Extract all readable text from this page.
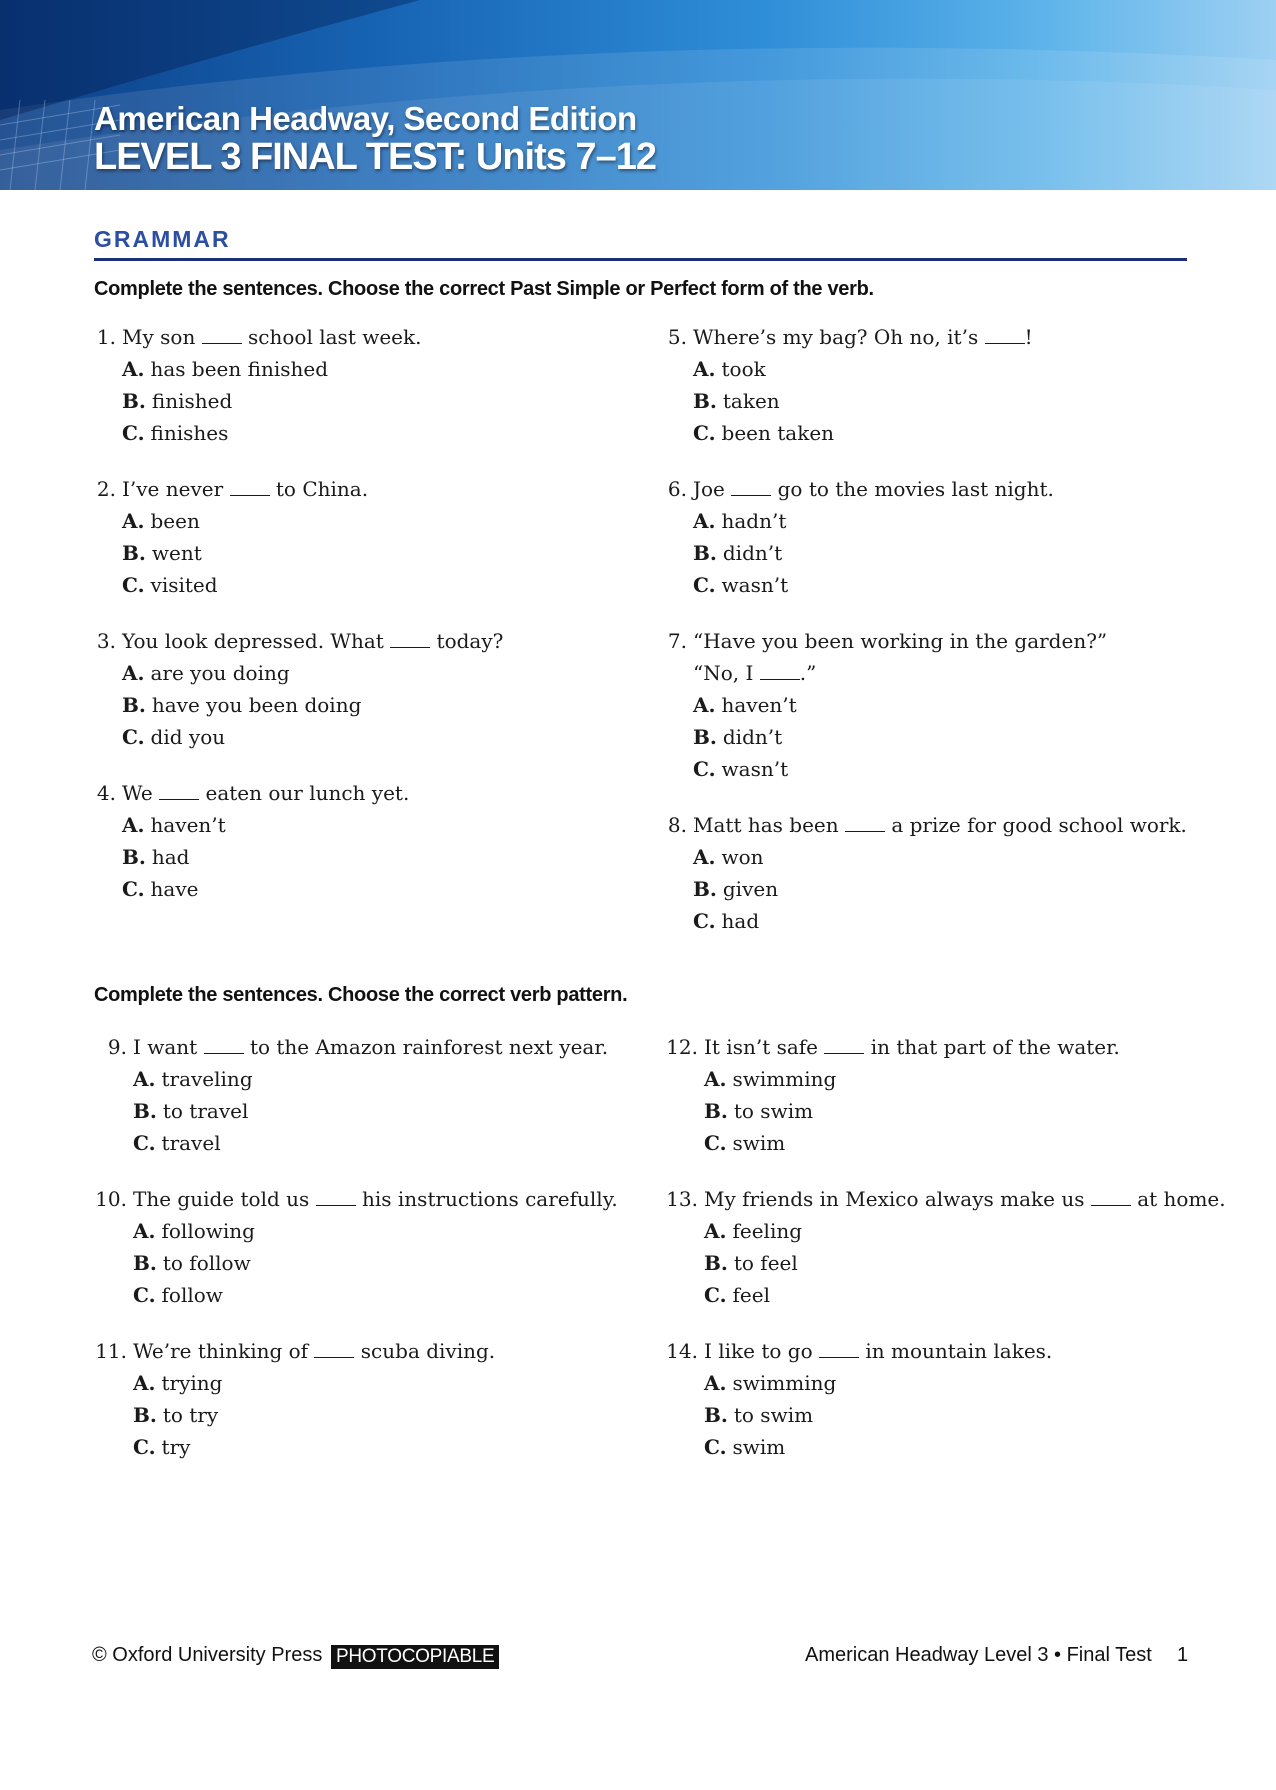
American Headway, Second Edition
LEVEL 3 FINAL TEST: Units 7–12
GRAMMAR

Complete the sentences. Choose the correct Past Simple or Perfect form of the verb.

1. My son	school last week.
A. has been finished
B. finished
C. finishes
2. I’ve never	to China.
A. been
B. went
C. visited
3. You look depressed. What	today?
A. are you doing
B. have you been doing
C. did you
4. We	eaten our lunch yet.
A. haven’t
B. had
C. have
5. Where’s my bag? Oh no, it’s !
A. took
B. taken
C. been taken
6. Joe	go to the movies last night.
A. hadn’t
B. didn’t
C. wasn’t
7. “Have you been working in the garden?”
“No, I .”
A. haven’t
B. didn’t
C. wasn’t
8. Matt has been	a prize for good school work.
A. won
B. given
C. had

Complete the sentences. Choose the correct verb pattern.

9. I want	to the Amazon rainforest next year.
A. traveling
B. to travel
C. travel
10. The guide told us	his instructions carefully.
A. following
B. to follow
C. follow
11. We’re thinking of	scuba diving.
A. trying
B. to try
C. try
12. It isn’t safe	in that part of the water.
A. swimming
B. to swim
C. swim
13. My friends in Mexico always make us	at home.
A. feeling
B. to feel
C. feel
14. I like to go	in mountain lakes.
A. swimming
B. to swim
C. swim

© Oxford University Press PHOTOCOPIABLE	American Headway Level 3 • Final Test 1
